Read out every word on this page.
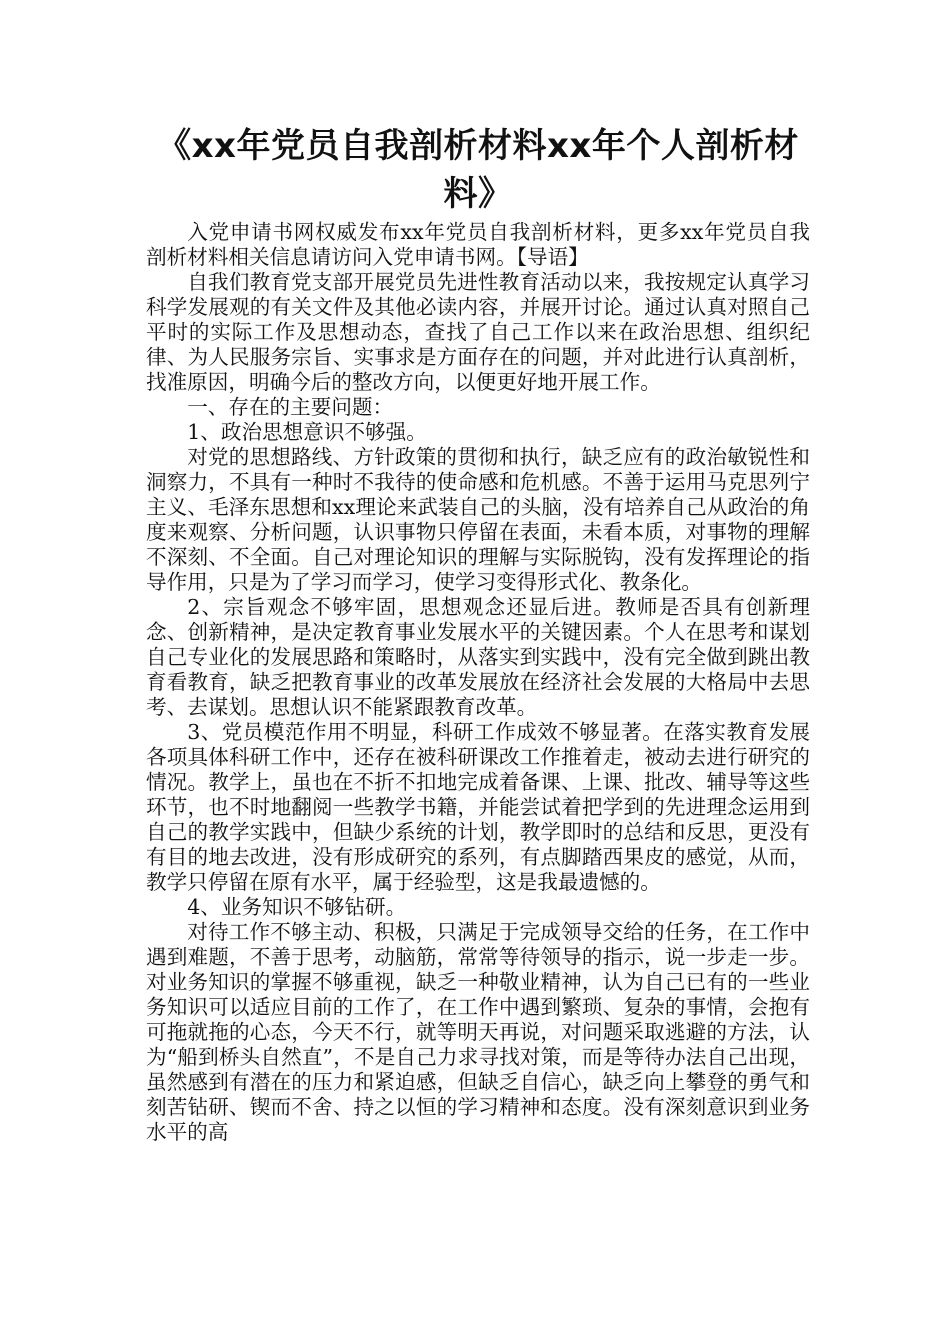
《xx年党员自我剖析材料xx年个人剖析材料》

入党申请书网权威发布xx年党员自我剖析材料，更多xx年党员自我剖析材料相关信息请访问入党申请书网。【导语】

自我们教育党支部开展党员先进性教育活动以来，我按规定认真学习科学发展观的有关文件及其他必读内容，并展开讨论。通过认真对照自己平时的实际工作及思想动态，查找了自己工作以来在政治思想、组织纪律、为人民服务宗旨、实事求是方面存在的问题，并对此进行认真剖析，找准原因，明确今后的整改方向，以便更好地开展工作。

一、存在的主要问题：

1、政治思想意识不够强。

对党的思想路线、方针政策的贯彻和执行，缺乏应有的政治敏锐性和洞察力，不具有一种时不我待的使命感和危机感。不善于运用马克思列宁主义、毛泽东思想和xx理论来武装自己的头脑，没有培养自己从政治的角度来观察、分析问题，认识事物只停留在表面，未看本质，对事物的理解不深刻、不全面。自己对理论知识的理解与实际脱钩，没有发挥理论的指导作用，只是为了学习而学习，使学习变得形式化、教条化。

2、宗旨观念不够牢固，思想观念还显后进。教师是否具有创新理念、创新精神，是决定教育事业发展水平的关键因素。个人在思考和谋划自己专业化的发展思路和策略时，从落实到实践中，没有完全做到跳出教育看教育，缺乏把教育事业的改革发展放在经济社会发展的大格局中去思考、去谋划。思想认识不能紧跟教育改革。

3、党员模范作用不明显，科研工作成效不够显著。在落实教育发展各项具体科研工作中，还存在被科研课改工作推着走，被动去进行研究的情况。教学上，虽也在不折不扣地完成着备课、上课、批改、辅导等这些环节，也不时地翻阅一些教学书籍，并能尝试着把学到的先进理念运用到自己的教学实践中，但缺少系统的计划，教学即时的总结和反思，更没有有目的地去改进，没有形成研究的系列，有点脚踏西果皮的感觉，从而，教学只停留在原有水平，属于经验型，这是我最遗憾的。

4、业务知识不够钻研。

对待工作不够主动、积极，只满足于完成领导交给的任务，在工作中遇到难题，不善于思考，动脑筋，常常等待领导的指示，说一步走一步。对业务知识的掌握不够重视，缺乏一种敬业精神，认为自己已有的一些业务知识可以适应目前的工作了，在工作中遇到繁琐、复杂的事情，会抱有可拖就拖的心态，今天不行，就等明天再说，对问题采取逃避的方法，认为“船到桥头自然直”，不是自己力求寻找对策，而是等待办法自己出现，虽然感到有潜在的压力和紧迫感，但缺乏自信心，缺乏向上攀登的勇气和刻苦钻研、锲而不舍、持之以恒的学习精神和态度。没有深刻意识到业务水平的高
